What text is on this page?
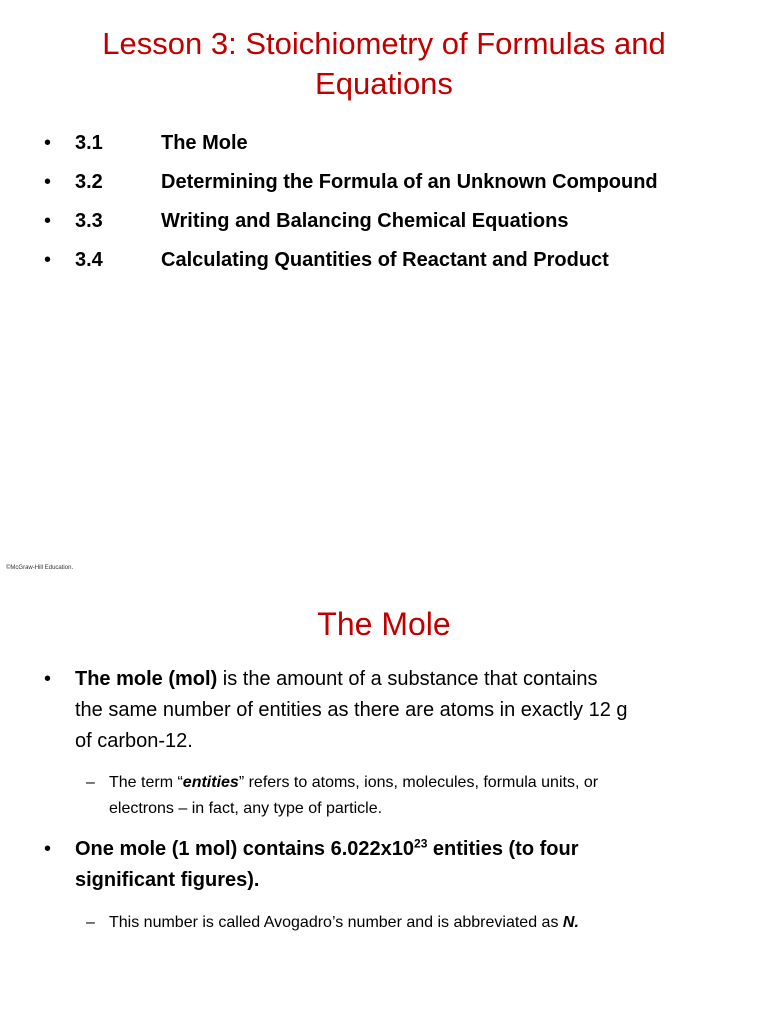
Lesson 3: Stoichiometry of Formulas and
Equations
• 3.1	The Mole
• 3.2	Determining the Formula of an Unknown Compound
• 3.3	Writing and Balancing Chemical Equations
• 3.4	Calculating Quantities of Reactant and Product
©McGraw-Hill Education.
The Mole
•	The mole (mol) is the amount of a substance that contains
the same number of entities as there are atoms in exactly 12 g
of carbon-12.
– The term “entities” refers to atoms, ions, molecules, formula units, or
electrons – in fact, any type of particle.
•	One mole (1 mol) contains $6.022x10^{23}$ entities (to four
significant figures).
– This number is called Avogadro’s number and is abbreviated as N.
